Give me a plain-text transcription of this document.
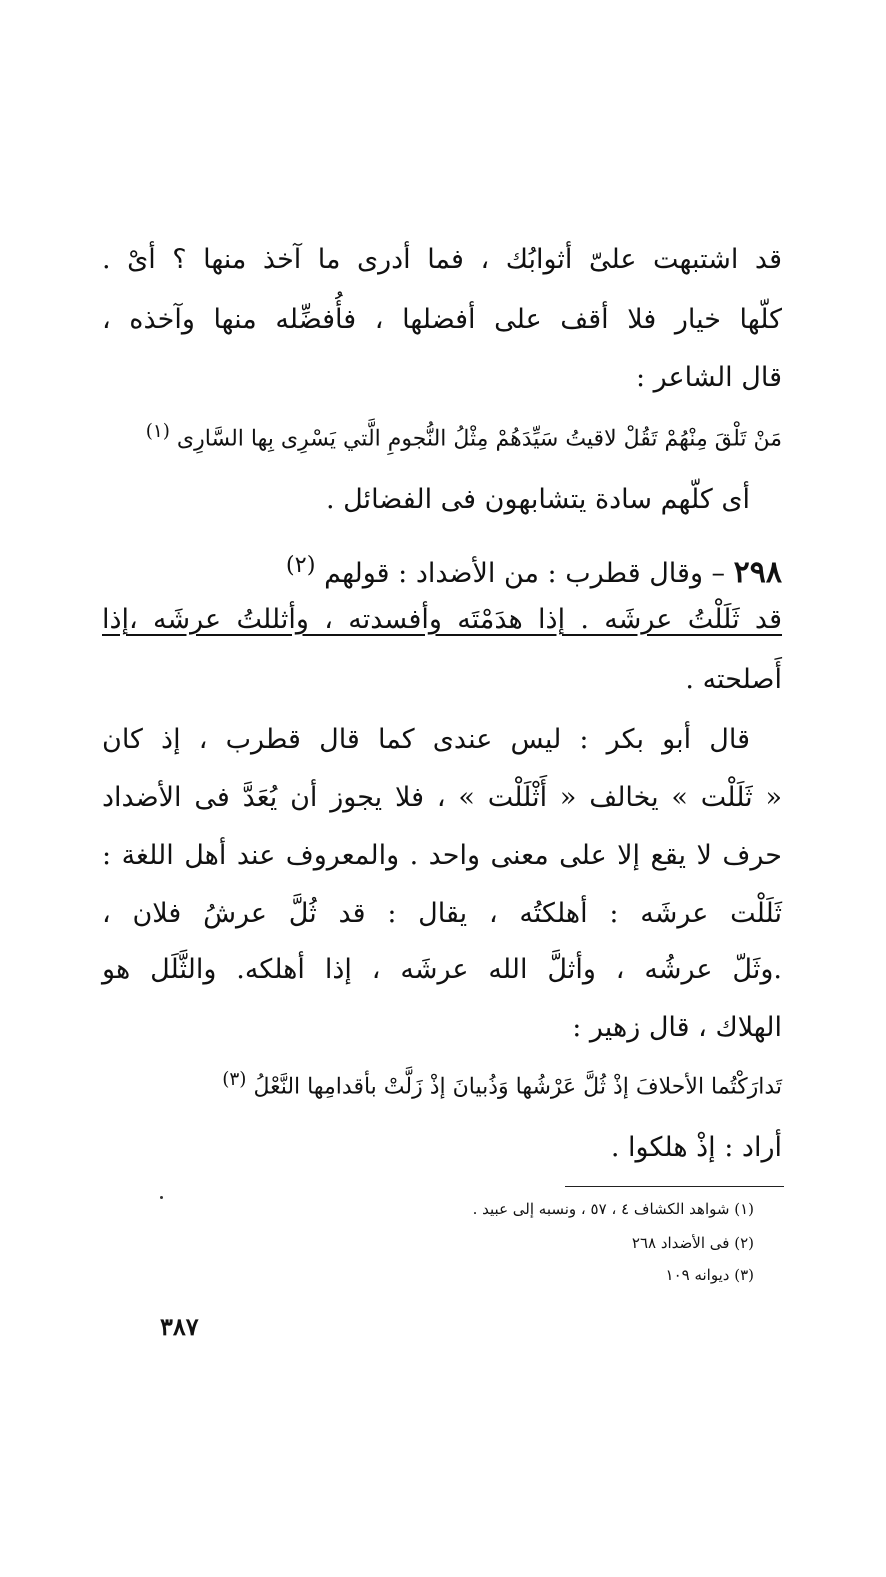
قد اشتبهت علىّ أثوابُك ، فما أدرى ما آخذ منها ؟ أىْ .
كلّها خيار فلا أقف على أفضلها ، فأُفضِّله منها وآخذه ،
قال الشاعر :
مَنْ تَلْقَ مِنْهُمْ تَقُلْ لاقيتُ سَيِّدَهُمْ مِثْلُ النُّجومِ الَّتي يَسْرِى بِها السَّارِى $^{(١)}$
أى كلّهم سادة يتشابهون فى الفضائل .
٢٩٨ – وقال قطرب : من الأضداد : قولهم $^{(٢)}$
قد ثَلَلْتُ عرشَه . إذا هدَمْتَه وأفسدته ، وأثللتُ عرشَه ،إذا
أَصلحته .
قال أبو بكر : ليس عندى كما قال قطرب ، إذ كان
« ثَلَلْت » يخالف « أَثْلَلْت » ، فلا يجوز أن يُعَدَّ فى الأضداد
حرف لا يقع إلا على معنى واحد . والمعروف عند أهل اللغة :
ثَلَلْت عرشَه : أهلكتُه ، يقال : قد ثُلَّ عرشُ فلان ،
.وثَلّ عرشُه ، وأثلَّ الله عرشَه ، إذا أهلكه. والثَّلَل هو
الهلاك ، قال زهير :
تَدارَكْتُما الأحلافَ إذْ ثُلَّ عَرْشُها وَذُبيانَ إذْ زَلَّتْ بأقدامِها النَّعْلُ $^{(٣)}$
أراد : إذْ هلكوا .
(١) شواهد الكشاف ٤ ، ٥٧ ، ونسبه إلى عبيد .
(٢) فى الأضداد ٢٦٨
(٣) ديوانه ١٠٩
٣٨٧
